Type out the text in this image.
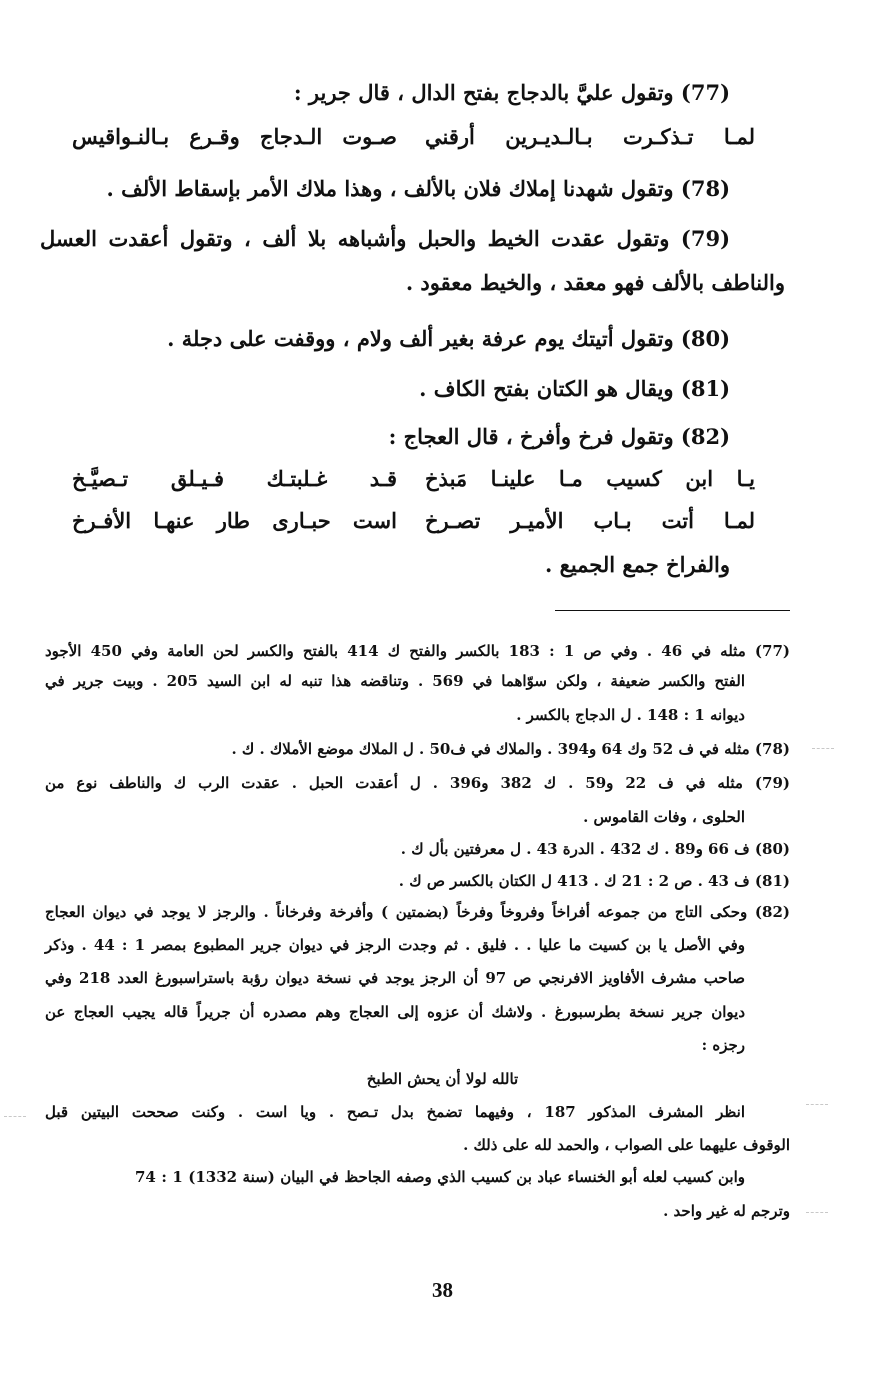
(77) وتقول عليَّ بالدجاج بفتح الدال ، قال جرير :
لمـا تـذكـرت بـالـديـرين أرقني
صـوت الـدجاج وقـرع بـالنـواقيس
(78) وتقول شهدنا إملاك فلان بالألف ، وهذا ملاك الأمر بإسقاط الألف .
(79) وتقول عقدت الخيط والحبل وأشباهه بلا ألف ، وتقول أعقدت العسل
والناطف بالألف فهو معقد ، والخيط معقود .
(80) وتقول أتيتك يوم عرفة بغير ألف ولام ، ووقفت على دجلة .
(81) ويقال هو الكتان بفتح الكاف .
(82) وتقول فرخ وأفرخ ، قال العجاج :
يـا ابن كسيب مـا علينـا مَبذخ
قـد غـلبتـك فـيـلق تـصيَّـخ
لمـا أتت بـاب الأميـر تصـرخ
است حبـارى طار عنهـا الأفـرخ
والفراخ جمع الجميع .
(77) مثله في 46 . وفي ص 1 : 183 بالكسر والفتح ك 414 بالفتح والكسر لحن العامة وفي 450 الأجود
الفتح والكسر ضعيفة ، ولكن سوّاهما في 569 . وتناقضه هذا تنبه له ابن السيد 205 . وبيت جرير في
ديوانه 1 : 148 . ل الدجاج بالكسر .
(78) مثله في ف 52 وك 64 و394 . والملاك في ف50 . ل الملاك موضع الأملاك . ك .
(79) مثله في ف 22 و59 . ك 382 و396 . ل أعقدت الحبل . عقدت الرب ك والناطف نوع من
الحلوى ، وفات القاموس .
(80) ف 66 و89 . ك 432 . الدرة 43 . ل معرفتين بأل ك .
(81) ف 43 . ص 2 : 21 ك . 413 ل الكتان بالكسر ص ك .
(82) وحكى التاج من جموعه أفراخاً وفروخاً وفرخاً (بضمتين ) وأفرخة وفرخاناً . والرجز لا يوجد في ديوان العجاج
وفي الأصل يا بن كسيت ما عليا . . فليق . ثم وجدت الرجز في ديوان جرير المطبوع بمصر 1 : 44 . وذكر
صاحب مشرف الأفاويز الافرنجي ص 97 أن الرجز يوجد في نسخة ديوان رؤبة باستراسبورغ العدد 218 وفي
ديوان جرير نسخة بطرسبورغ . ولاشك أن عزوه إلى العجاج وهم مصدره أن جريراً قاله يجيب العجاج عن
رجزه :
تالله لولا أن يحش الطبخ
انظر المشرف المذكور 187 ، وفيهما تضمخ بدل تـصح . ويا است . وكنت صححت البيتين قبل
الوقوف عليهما على الصواب ، والحمد لله على ذلك .
وابن كسيب لعله أبو الخنساء عباد بن كسيب الذي وصفه الجاحظ في البيان (سنة 1332) 1 : 74
وترجم له غير واحد .
38
